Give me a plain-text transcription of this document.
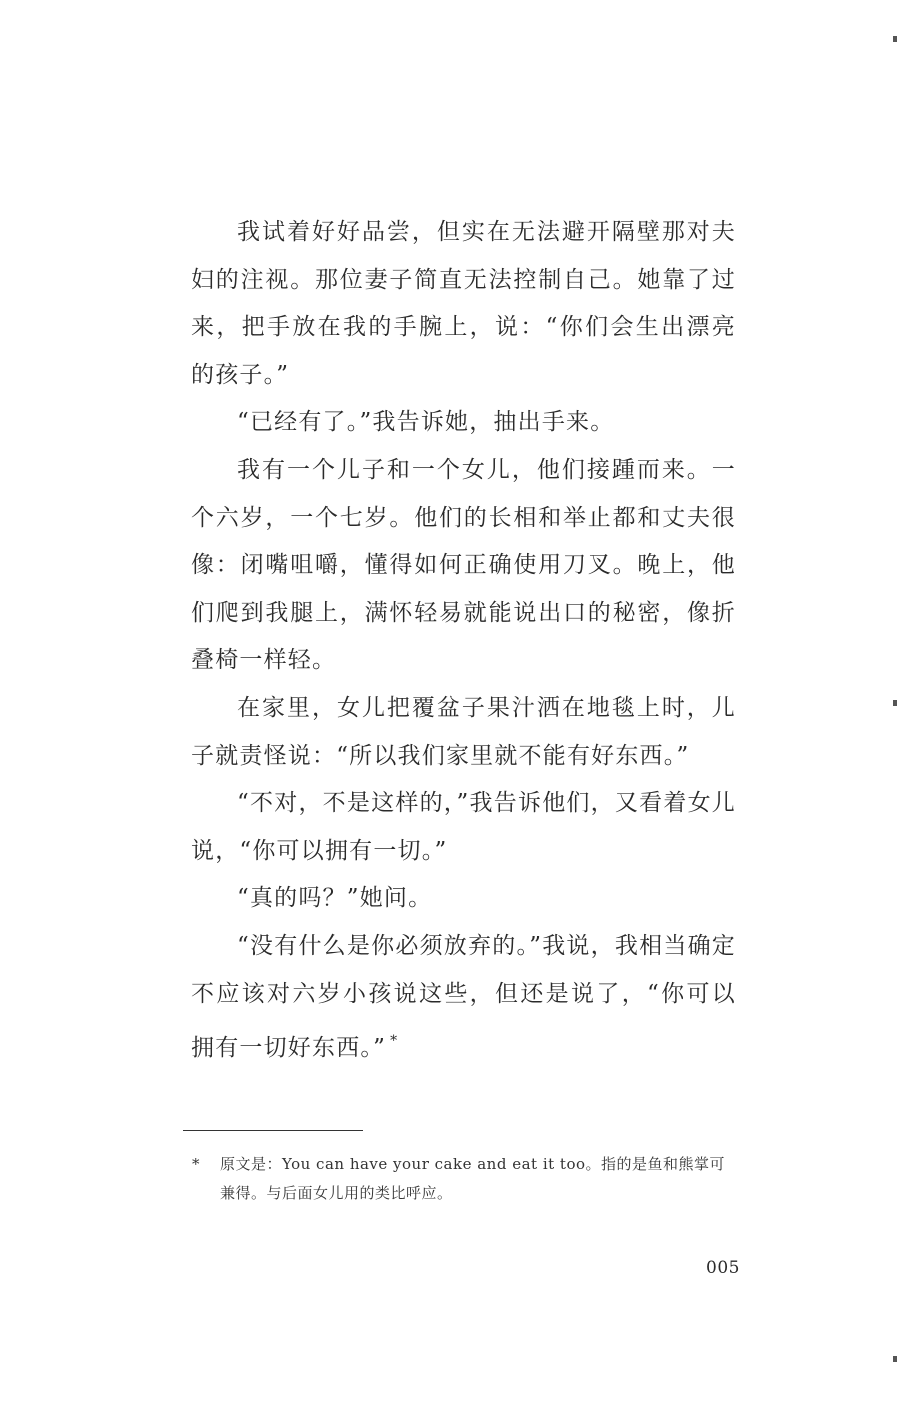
我试着好好品尝，但实在无法避开隔壁那对夫妇的注视。那位妻子简直无法控制自己。她靠了过来，把手放在我的手腕上，说：“你们会生出漂亮的孩子。”

“已经有了。”我告诉她，抽出手来。

我有一个儿子和一个女儿，他们接踵而来。一个六岁，一个七岁。他们的长相和举止都和丈夫很像：闭嘴咀嚼，懂得如何正确使用刀叉。晚上，他们爬到我腿上，满怀轻易就能说出口的秘密，像折叠椅一样轻。

在家里，女儿把覆盆子果汁洒在地毯上时，儿子就责怪说：“所以我们家里就不能有好东西。”

“不对，不是这样的，”我告诉他们，又看着女儿说，“你可以拥有一切。”

“真的吗？”她问。

“没有什么是你必须放弃的。”我说，我相当确定不应该对六岁小孩说这些，但还是说了，“你可以拥有一切好东西。” *

*	原文是：You can have your cake and eat it too。指的是鱼和熊掌可兼得。与后面女儿用的类比呼应。
005
